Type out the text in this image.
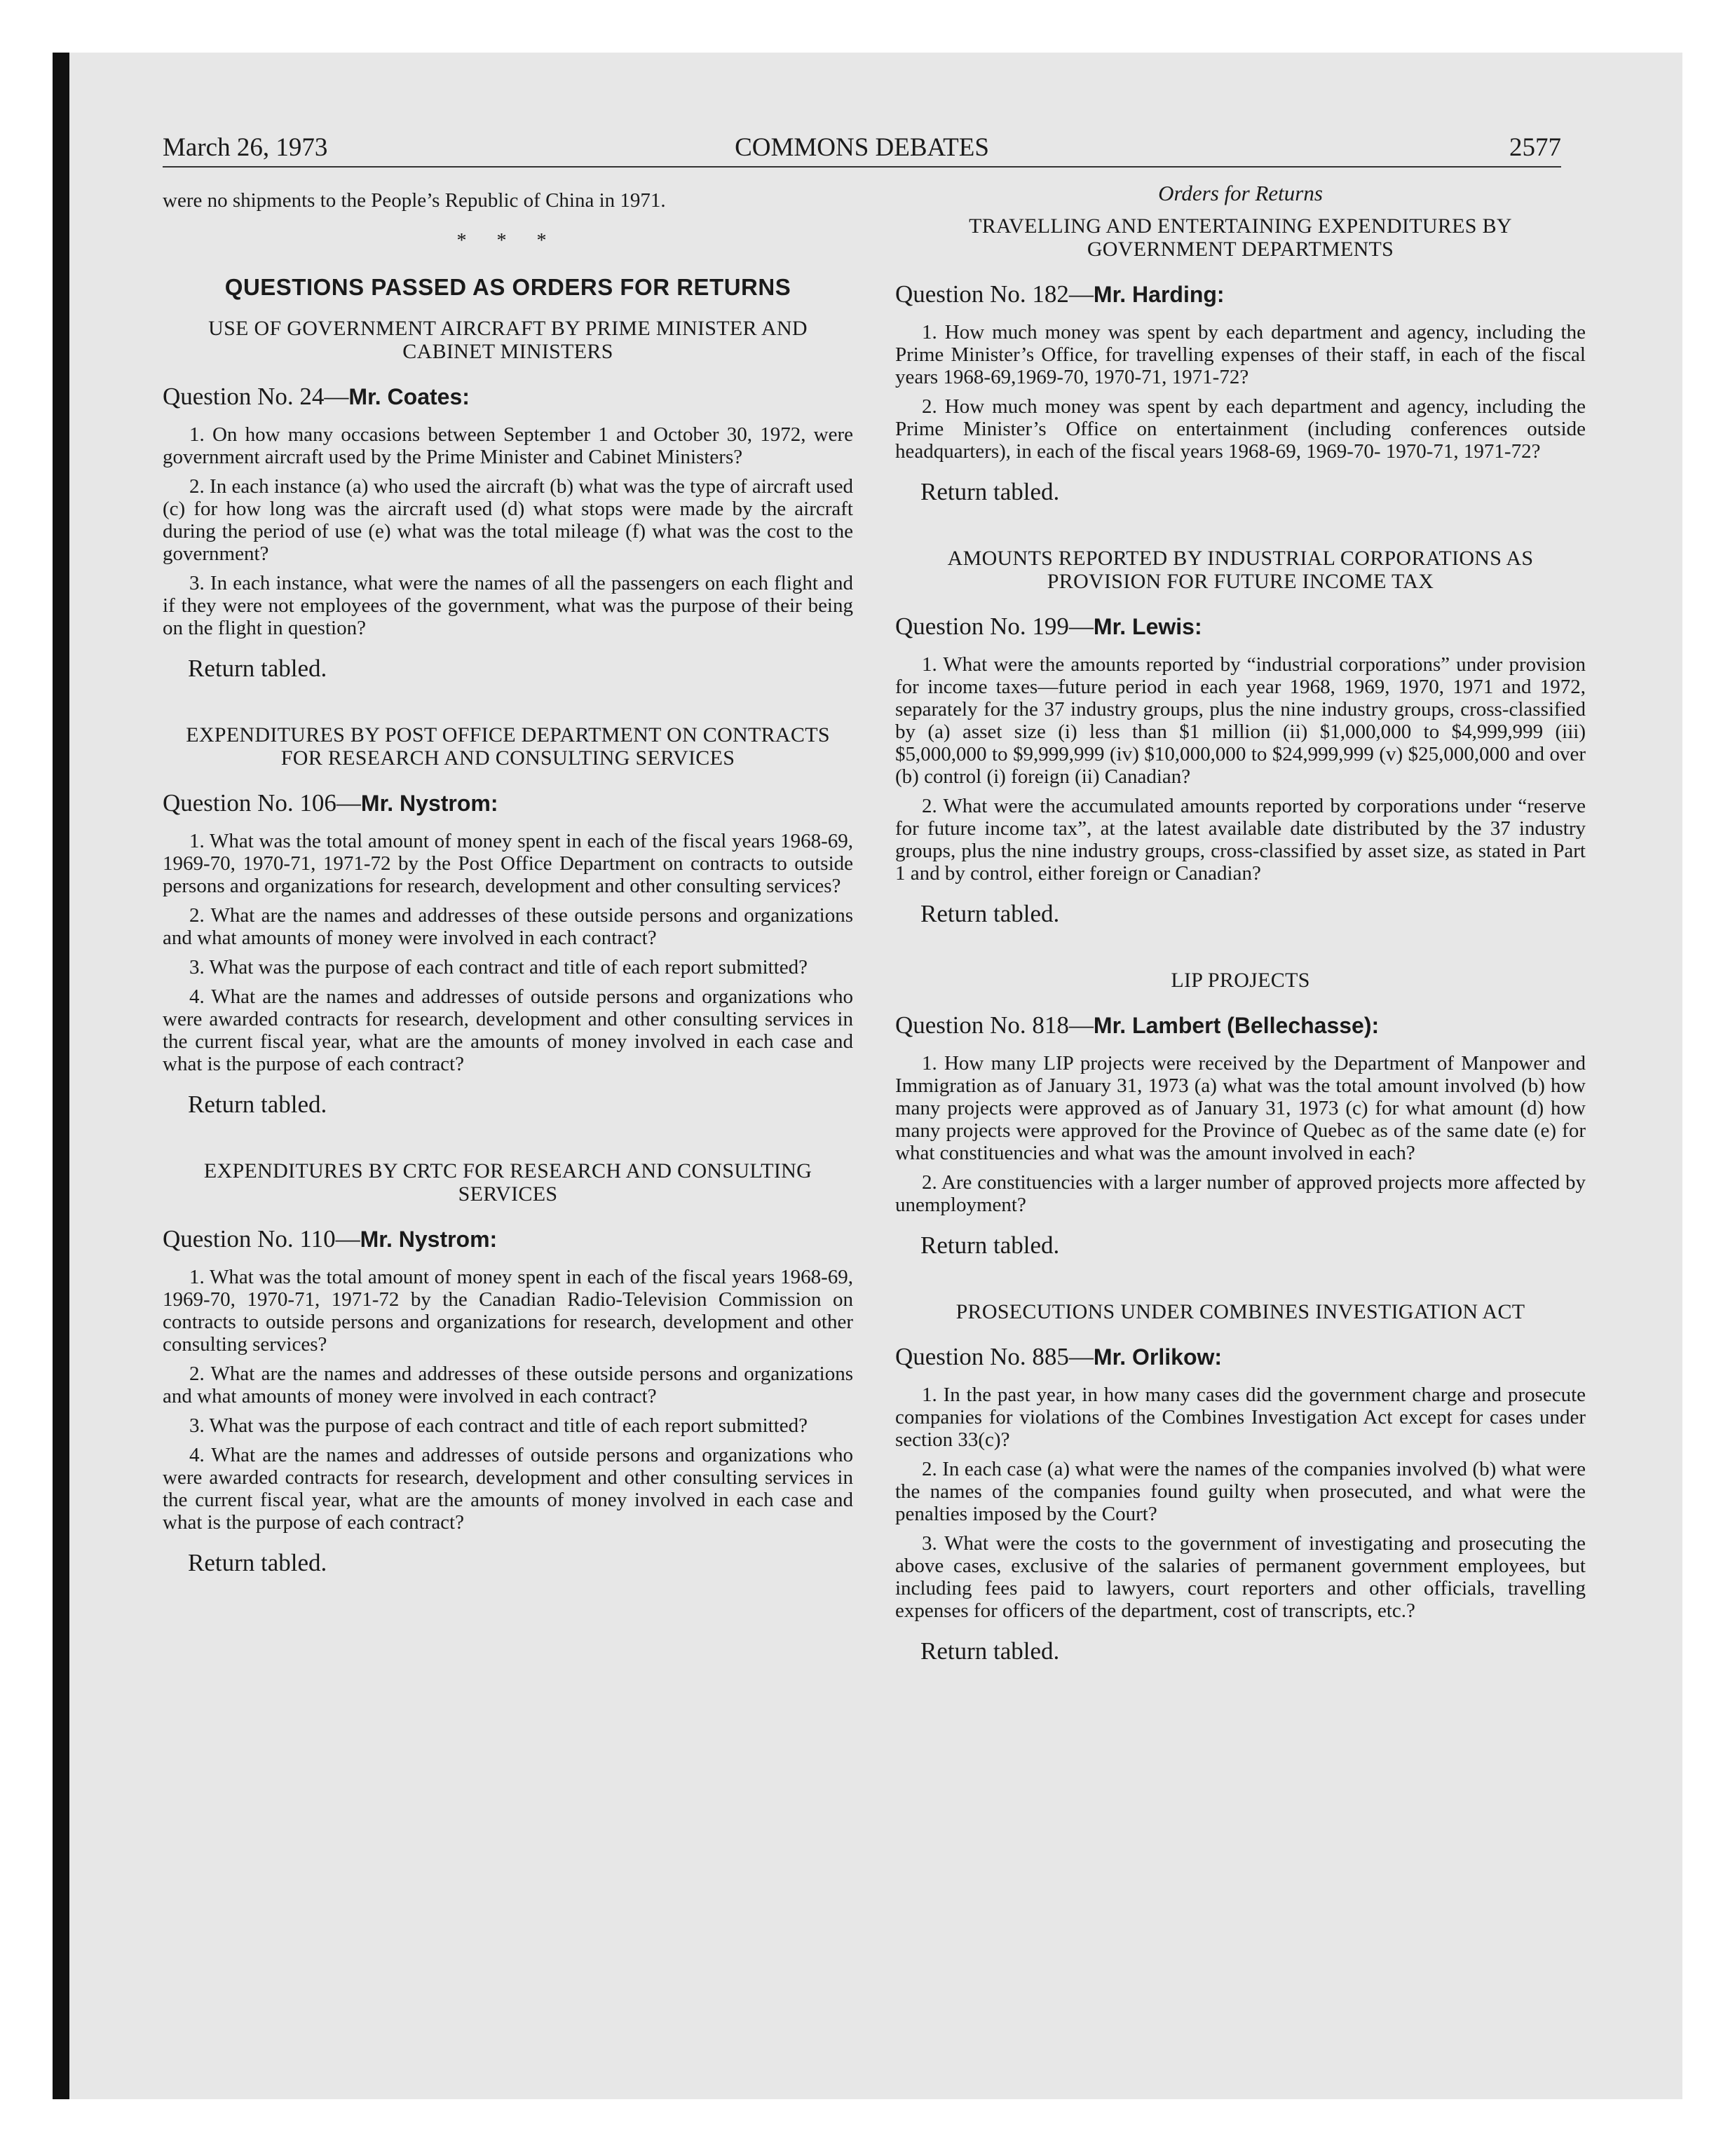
March 26, 1973	COMMONS DEBATES	2577

were no shipments to the People’s Republic of China in 1971.

* * *
QUESTIONS PASSED AS ORDERS FOR RETURNS
USE OF GOVERNMENT AIRCRAFT BY PRIME MINISTER AND CABINET MINISTERS
Question No. 24—Mr. Coates:

1. On how many occasions between September 1 and October 30, 1972, were government aircraft used by the Prime Minister and Cabinet Ministers?

2. In each instance (a) who used the aircraft (b) what was the type of aircraft used (c) for how long was the aircraft used (d) what stops were made by the aircraft during the period of use (e) what was the total mileage (f) what was the cost to the government?

3. In each instance, what were the names of all the passengers on each flight and if they were not employees of the government, what was the purpose of their being on the flight in question?

Return tabled.
EXPENDITURES BY POST OFFICE DEPARTMENT ON CONTRACTS FOR RESEARCH AND CONSULTING SERVICES
Question No. 106—Mr. Nystrom:

1. What was the total amount of money spent in each of the fiscal years 1968-69, 1969-70, 1970-71, 1971-72 by the Post Office Department on contracts to outside persons and organizations for research, development and other consulting services?

2. What are the names and addresses of these outside persons and organizations and what amounts of money were involved in each contract?

3. What was the purpose of each contract and title of each report submitted?

4. What are the names and addresses of outside persons and organizations who were awarded contracts for research, development and other consulting services in the current fiscal year, what are the amounts of money involved in each case and what is the purpose of each contract?

Return tabled.
EXPENDITURES BY CRTC FOR RESEARCH AND CONSULTING SERVICES
Question No. 110—Mr. Nystrom:

1. What was the total amount of money spent in each of the fiscal years 1968-69, 1969-70, 1970-71, 1971-72 by the Canadian Radio-Television Commission on contracts to outside persons and organizations for research, development and other consulting services?

2. What are the names and addresses of these outside persons and organizations and what amounts of money were involved in each contract?

3. What was the purpose of each contract and title of each report submitted?

4. What are the names and addresses of outside persons and organizations who were awarded contracts for research, development and other consulting services in the current fiscal year, what are the amounts of money involved in each case and what is the purpose of each contract?

Return tabled.
Orders for Returns
TRAVELLING AND ENTERTAINING EXPENDITURES BY GOVERNMENT DEPARTMENTS
Question No. 182—Mr. Harding:

1. How much money was spent by each department and agency, including the Prime Minister’s Office, for travelling expenses of their staff, in each of the fiscal years 1968-69,1969-70, 1970-71, 1971-72?

2. How much money was spent by each department and agency, including the Prime Minister’s Office on entertainment (including conferences outside headquarters), in each of the fiscal years 1968-69, 1969-70- 1970-71, 1971-72?

Return tabled.
AMOUNTS REPORTED BY INDUSTRIAL CORPORATIONS AS PROVISION FOR FUTURE INCOME TAX
Question No. 199—Mr. Lewis:

1. What were the amounts reported by “industrial corporations” under provision for income taxes—future period in each year 1968, 1969, 1970, 1971 and 1972, separately for the 37 industry groups, plus the nine industry groups, cross-classified by (a) asset size (i) less than $1 million (ii) $1,000,000 to $4,999,999 (iii) $5,000,000 to $9,999,999 (iv) $10,000,000 to $24,999,999 (v) $25,000,000 and over (b) control (i) foreign (ii) Canadian?

2. What were the accumulated amounts reported by corporations under “reserve for future income tax”, at the latest available date distributed by the 37 industry groups, plus the nine industry groups, cross-classified by asset size, as stated in Part 1 and by control, either foreign or Canadian?

Return tabled.
LIP PROJECTS
Question No. 818—Mr. Lambert (Bellechasse):

1. How many LIP projects were received by the Department of Manpower and Immigration as of January 31, 1973 (a) what was the total amount involved (b) how many projects were approved as of January 31, 1973 (c) for what amount (d) how many projects were approved for the Province of Quebec as of the same date (e) for what constituencies and what was the amount involved in each?

2. Are constituencies with a larger number of approved projects more affected by unemployment?

Return tabled.
PROSECUTIONS UNDER COMBINES INVESTIGATION ACT
Question No. 885—Mr. Orlikow:

1. In the past year, in how many cases did the government charge and prosecute companies for violations of the Combines Investigation Act except for cases under section 33(c)?

2. In each case (a) what were the names of the companies involved (b) what were the names of the companies found guilty when prosecuted, and what were the penalties imposed by the Court?

3. What were the costs to the government of investigating and prosecuting the above cases, exclusive of the salaries of permanent government employees, but including fees paid to lawyers, court reporters and other officials, travelling expenses for officers of the department, cost of transcripts, etc.?

Return tabled.
